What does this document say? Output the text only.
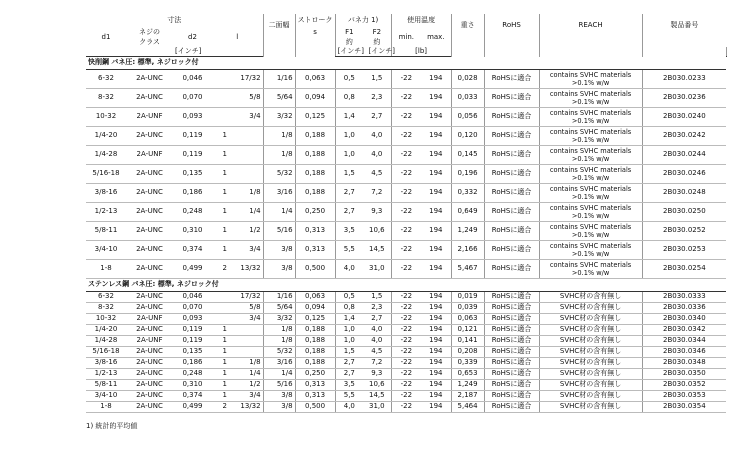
寸法					二面幅	ストローク	バネ力 1)		使用温度		重さ	RoHS	REACH	製品番号	
d1	ネジの	d2	l			s	F1	F2	min.	max.					
	クラス						約	約							
		[インチ]					[インチ] [インチ]		[lb]			
快削鋼 バネ圧: 標準, ネジロック付															
6-32	2A-UNC	0,046		17/32	1/16	0,063	0,5	1,5	-22	194	0,028	RoHSに適合	contains SVHC materials >0.1% w/w	2B030.0233	
8-32	2A-UNC	0,070		5/8	5/64	0,094	0,8	2,3	-22	194	0,033	RoHSに適合	contains SVHC materials >0.1% w/w	2B030.0236	
10-32	2A-UNF	0,093		3/4	3/32	0,125	1,4	2,7	-22	194	0,056	RoHSに適合	contains SVHC materials >0.1% w/w	2B030.0240	
1/4-20	2A-UNC	0,119	1		1/8	0,188	1,0	4,0	-22	194	0,120	RoHSに適合	contains SVHC materials >0.1% w/w	2B030.0242	
1/4-28	2A-UNF	0,119	1		1/8	0,188	1,0	4,0	-22	194	0,145	RoHSに適合	contains SVHC materials >0.1% w/w	2B030.0244	
5/16-18	2A-UNC	0,135	1		5/32	0,188	1,5	4,5	-22	194	0,196	RoHSに適合	contains SVHC materials >0.1% w/w	2B030.0246	
3/8-16	2A-UNC	0,186	1	1/8	3/16	0,188	2,7	7,2	-22	194	0,332	RoHSに適合	contains SVHC materials >0.1% w/w	2B030.0248	
1/2-13	2A-UNC	0,248	1	1/4	1/4	0,250	2,7	9,3	-22	194	0,649	RoHSに適合	contains SVHC materials >0.1% w/w	2B030.0250	
5/8-11	2A-UNC	0,310	1	1/2	5/16	0,313	3,5	10,6	-22	194	1,249	RoHSに適合	contains SVHC materials >0.1% w/w	2B030.0252	
3/4-10	2A-UNC	0,374	1	3/4	3/8	0,313	5,5	14,5	-22	194	2,166	RoHSに適合	contains SVHC materials >0.1% w/w	2B030.0253	
1-8	2A-UNC	0,499	2	13/32	3/8	0,500	4,0	31,0	-22	194	5,467	RoHSに適合	contains SVHC materials >0.1% w/w	2B030.0254	
ステンレス鋼 バネ圧: 標準, ネジロック付															
6-32	2A-UNC	0,046		17/32	1/16	0,063	0,5	1,5	-22	194	0,019	RoHSに適合	SVHC材の含有無し	2B030.0333	
8-32	2A-UNC	0,070		5/8	5/64	0,094	0,8	2,3	-22	194	0,039	RoHSに適合	SVHC材の含有無し	2B030.0336	
10-32	2A-UNF	0,093		3/4	3/32	0,125	1,4	2,7	-22	194	0,063	RoHSに適合	SVHC材の含有無し	2B030.0340	
1/4-20	2A-UNC	0,119	1		1/8	0,188	1,0	4,0	-22	194	0,121	RoHSに適合	SVHC材の含有無し	2B030.0342	
1/4-28	2A-UNF	0,119	1		1/8	0,188	1,0	4,0	-22	194	0,141	RoHSに適合	SVHC材の含有無し	2B030.0344	
5/16-18	2A-UNC	0,135	1		5/32	0,188	1,5	4,5	-22	194	0,208	RoHSに適合	SVHC材の含有無し	2B030.0346	
3/8-16	2A-UNC	0,186	1	1/8	3/16	0,188	2,7	7,2	-22	194	0,339	RoHSに適合	SVHC材の含有無し	2B030.0348	
1/2-13	2A-UNC	0,248	1	1/4	1/4	0,250	2,7	9,3	-22	194	0,653	RoHSに適合	SVHC材の含有無し	2B030.0350	
5/8-11	2A-UNC	0,310	1	1/2	5/16	0,313	3,5	10,6	-22	194	1,249	RoHSに適合	SVHC材の含有無し	2B030.0352	
3/4-10	2A-UNC	0,374	1	3/4	3/8	0,313	5,5	14,5	-22	194	2,187	RoHSに適合	SVHC材の含有無し	2B030.0353	
1-8	2A-UNC	0,499	2	13/32	3/8	0,500	4,0	31,0	-22	194	5,464	RoHSに適合	SVHC材の含有無し	2B030.0354	
1) 統計的平均値
